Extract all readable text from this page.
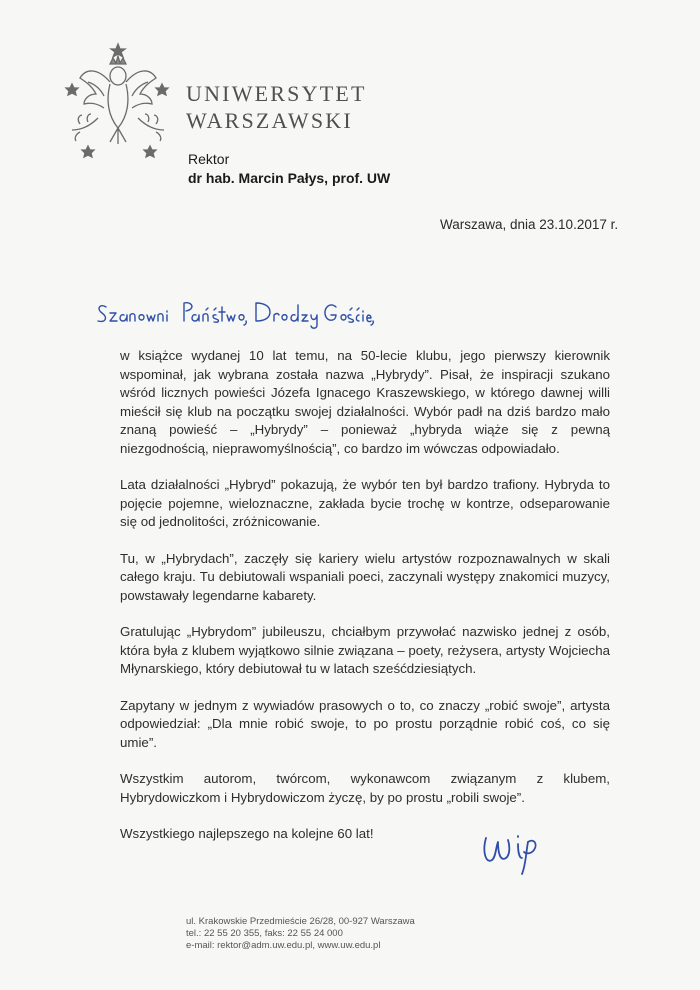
UNIWERSYTET
WARSZAWSKI
Rektor
dr hab. Marcin Pałys, prof. UW
Warszawa, dnia 23.10.2017 r.

w książce wydanej 10 lat temu, na 50-lecie klubu, jego pierwszy kierownik wspominał, jak wybrana została nazwa „Hybrydy”. Pisał, że inspiracji szukano wśród licznych powieści Józefa Ignacego Kraszewskiego, w którego dawnej willi mieścił się klub na początku swojej działalności. Wybór padł na dziś bardzo mało znaną powieść – „Hybrydy” – ponieważ „hybryda wiąże się z pewną niezgodnością, nieprawomyślnością”, co bardzo im wówczas odpowiadało.

Lata działalności „Hybryd” pokazują, że wybór ten był bardzo trafiony. Hybryda to pojęcie pojemne, wieloznaczne, zakłada bycie trochę w kontrze, odseparowanie się od jednolitości, zróżnicowanie.

Tu, w „Hybrydach”, zaczęły się kariery wielu artystów rozpoznawalnych w skali całego kraju. Tu debiutowali wspaniali poeci, zaczynali występy znakomici muzycy, powstawały legendarne kabarety.

Gratulując „Hybrydom” jubileuszu, chciałbym przywołać nazwisko jednej z osób, która była z klubem wyjątkowo silnie związana – poety, reżysera, artysty Wojciecha Młynarskiego, który debiutował tu w latach sześćdziesiątych.

Zapytany w jednym z wywiadów prasowych o to, co znaczy „robić swoje”, artysta odpowiedział: „Dla mnie robić swoje, to po prostu porządnie robić coś, co się umie”.

Wszystkim autorom, twórcom, wykonawcom związanym z klubem, Hybrydowiczkom i Hybrydowiczom życzę, by po prostu „robili swoje”.

Wszystkiego najlepszego na kolejne 60 lat!

ul. Krakowskie Przedmieście 26/28, 00-927 Warszawa
tel.: 22 55 20 355, faks: 22 55 24 000
e-mail: rektor@adm.uw.edu.pl, www.uw.edu.pl
